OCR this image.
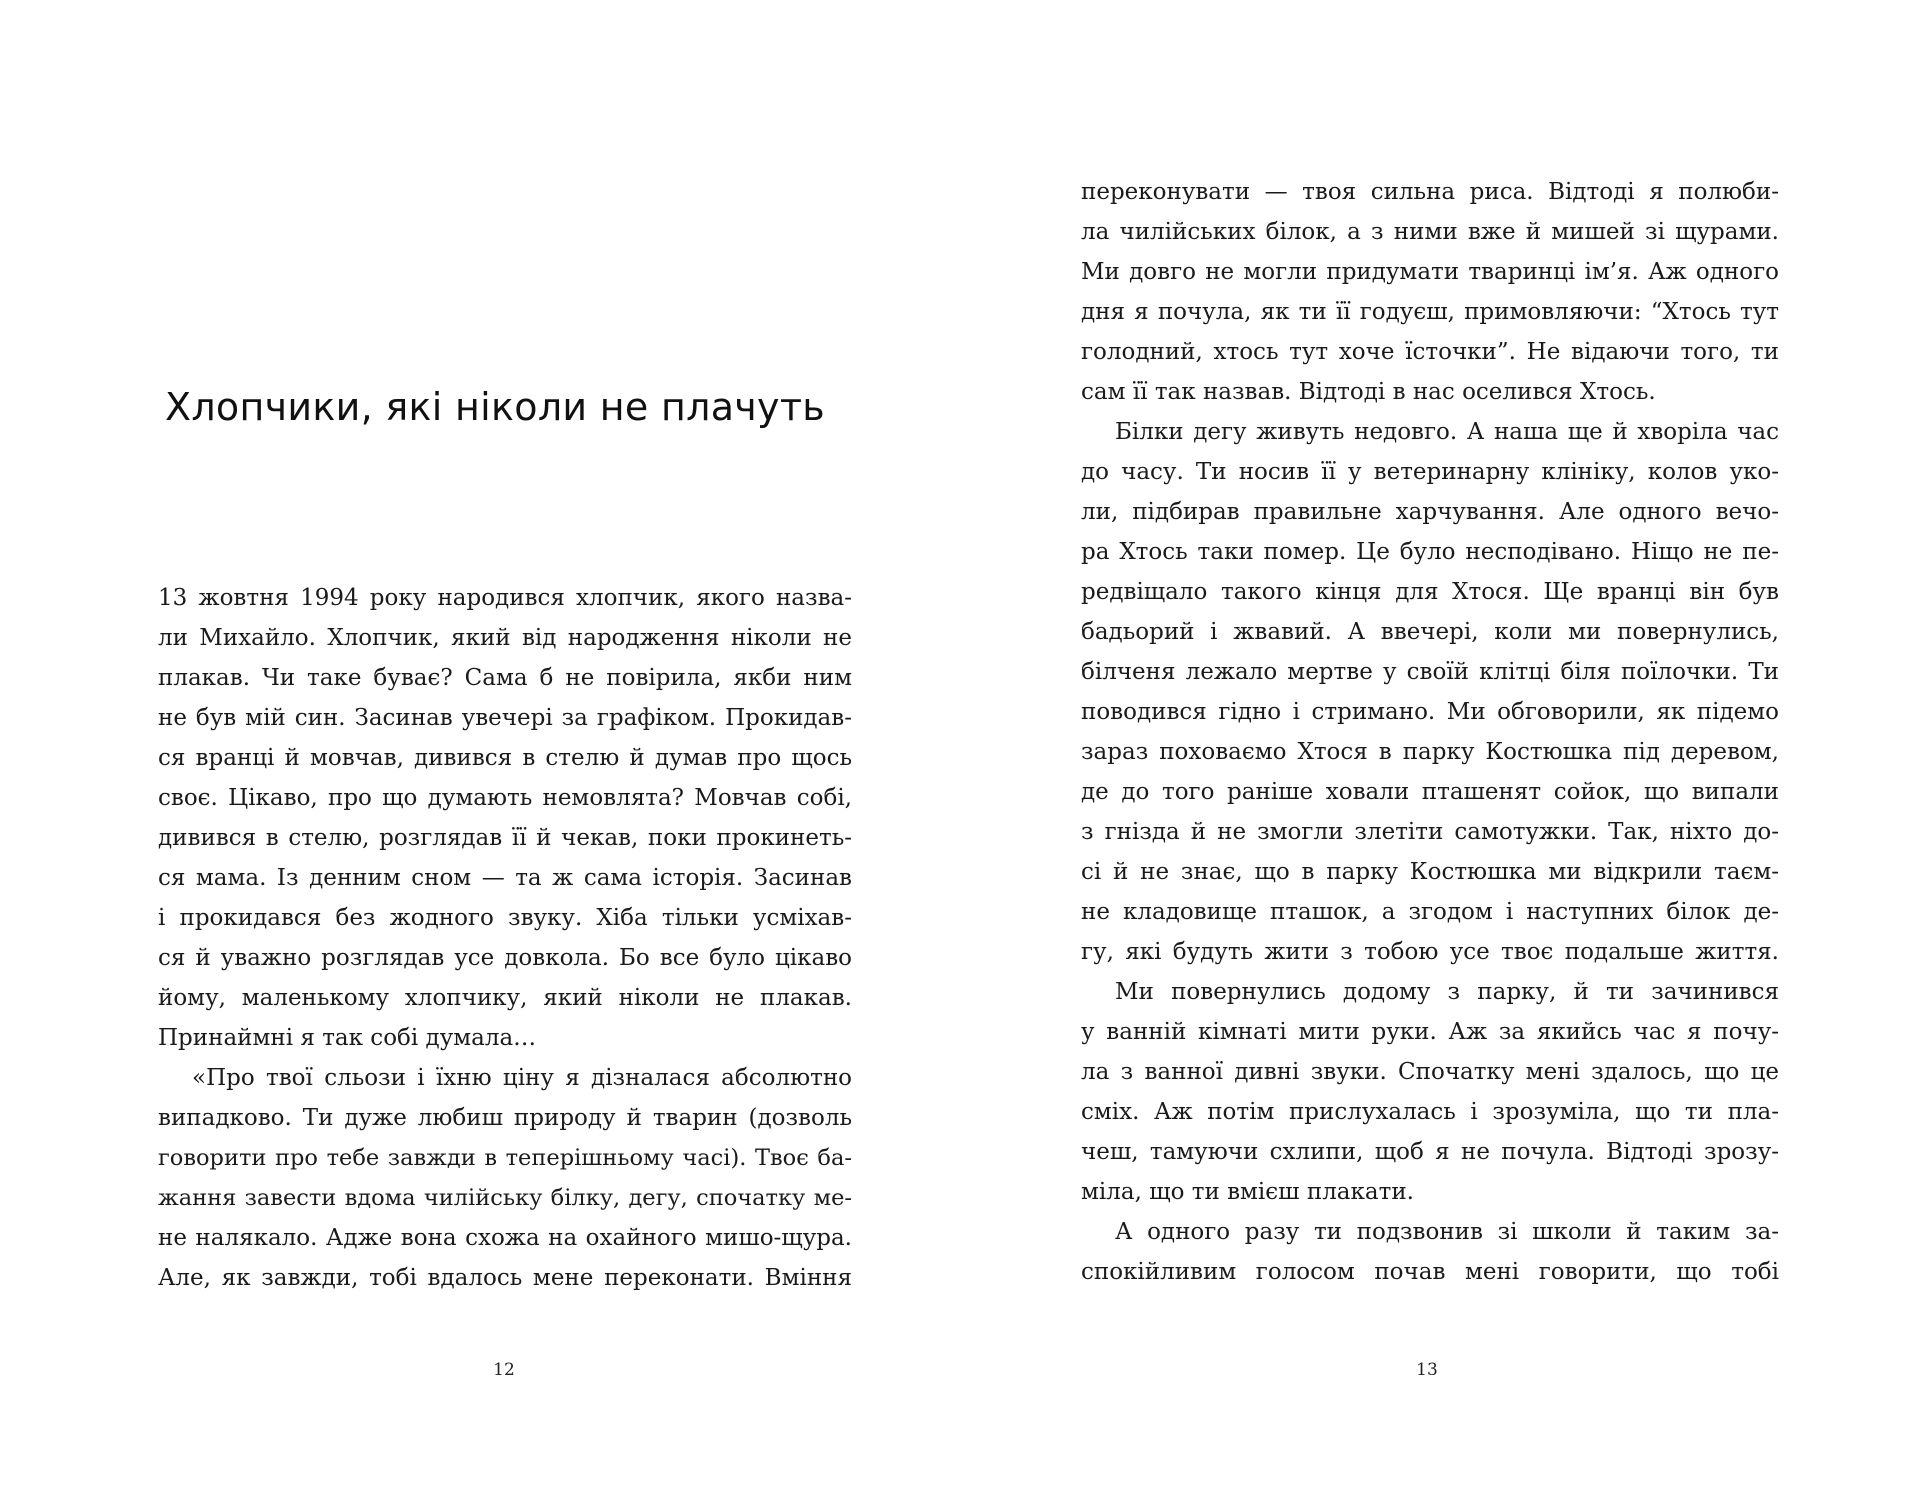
Хлопчики, які ніколи не плачуть
13 жовтня 1994 року народився хлопчик, якого назва-
ли Михайло. Хлопчик, який від народження ніколи не
плакав. Чи таке буває? Сама б не повірила, якби ним
не був мій син. Засинав увечері за графіком. Прокидав-
ся вранці й мовчав, дивився в стелю й думав про щось
своє. Цікаво, про що думають немовлята? Мовчав собі,
дивився в стелю, розглядав її й чекав, поки прокинеть-
ся мама. Із денним сном — та ж сама історія. Засинав
і прокидався без жодного звуку. Хіба тільки усміхав-
ся й уважно розглядав усе довкола. Бо все було цікаво
йому, маленькому хлопчику, який ніколи не плакав.
Принаймні я так собі думала…
«Про твої сльози і їхню ціну я дізналася абсолютно
випадково. Ти дуже любиш природу й тварин (дозволь
говорити про тебе завжди в теперішньому часі). Твоє ба-
жання завести вдома чилійську білку, дегу, спочатку ме-
не налякало. Адже вона схожа на охайного мишо-щура.
Але, як завжди, тобі вдалось мене переконати. Вміння
переконувати — твоя сильна риса. Відтоді я полюби-
ла чилійських білок, а з ними вже й мишей зі щурами.
Ми довго не могли придумати тваринці ім’я. Аж одного
дня я почула, як ти її годуєш, примовляючи: “Хтось тут
голодний, хтось тут хоче їсточки”. Не відаючи того, ти
сам її так назвав. Відтоді в нас оселився Хтось.
Білки дегу живуть недовго. А наша ще й хворіла час
до часу. Ти носив її у ветеринарну клініку, колов уко-
ли, підбирав правильне харчування. Але одного вечо-
ра Хтось таки помер. Це було несподівано. Ніщо не пе-
редвіщало такого кінця для Хтося. Ще вранці він був
бадьорий і жвавий. А ввечері, коли ми повернулись,
білченя лежало мертве у своїй клітці біля поїлочки. Ти
поводився гідно і стримано. Ми обговорили, як підемо
зараз поховаємо Хтося в парку Костюшка під деревом,
де до того раніше ховали пташенят сойок, що випали
з гнізда й не змогли злетіти самотужки. Так, ніхто до-
сі й не знає, що в парку Костюшка ми відкрили таєм-
не кладовище пташок, а згодом і наступних білок де-
гу, які будуть жити з тобою усе твоє подальше життя.
Ми повернулись додому з парку, й ти зачинився
у ванній кімнаті мити руки. Аж за якийсь час я почу-
ла з ванної дивні звуки. Спочатку мені здалось, що це
сміх. Аж потім прислухалась і зрозуміла, що ти пла-
чеш, тамуючи схлипи, щоб я не почула. Відтоді зрозу-
міла, що ти вмієш плакати.
А одного разу ти подзвонив зі школи й таким за-
спокійливим голосом почав мені говорити, що тобі
12	13
